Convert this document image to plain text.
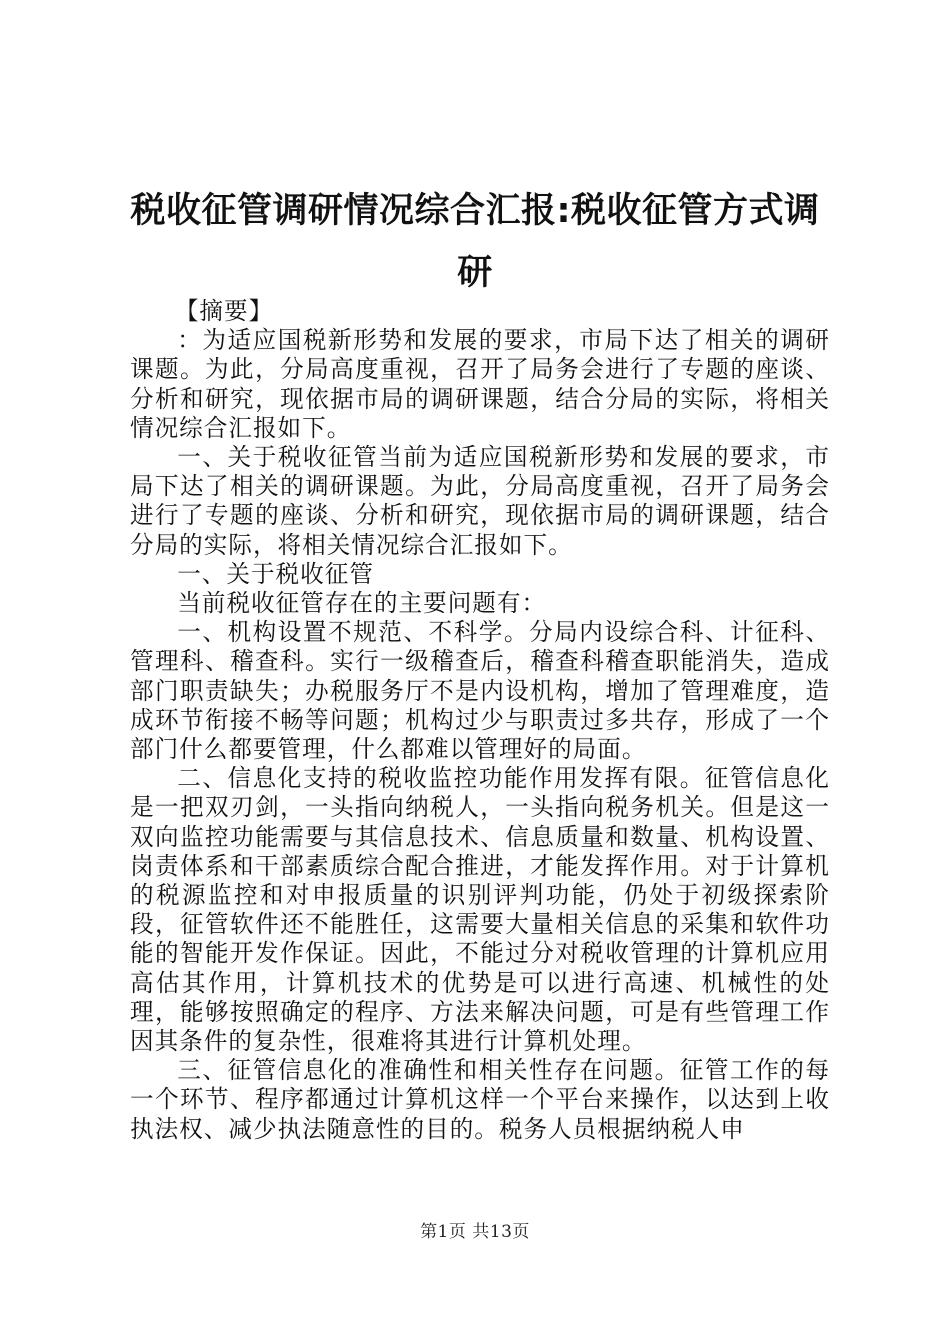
税收征管调研情况综合汇报:税收征管方式调研

【摘要】

：为适应国税新形势和发展的要求，市局下达了相关的调研课题。为此，分局高度重视，召开了局务会进行了专题的座谈、分析和研究，现依据市局的调研课题，结合分局的实际，将相关情况综合汇报如下。

一、关于税收征管当前为适应国税新形势和发展的要求，市局下达了相关的调研课题。为此，分局高度重视，召开了局务会进行了专题的座谈、分析和研究，现依据市局的调研课题，结合分局的实际，将相关情况综合汇报如下。

一、关于税收征管

当前税收征管存在的主要问题有：

一、机构设置不规范、不科学。分局内设综合科、计征科、管理科、稽查科。实行一级稽查后，稽查科稽查职能消失，造成部门职责缺失；办税服务厅不是内设机构，增加了管理难度，造成环节衔接不畅等问题；机构过少与职责过多共存，形成了一个部门什么都要管理，什么都难以管理好的局面。

二、信息化支持的税收监控功能作用发挥有限。征管信息化是一把双刃剑，一头指向纳税人，一头指向税务机关。但是这一双向监控功能需要与其信息技术、信息质量和数量、机构设置、岗责体系和干部素质综合配合推进，才能发挥作用。对于计算机的税源监控和对申报质量的识别评判功能，仍处于初级探索阶段，征管软件还不能胜任，这需要大量相关信息的采集和软件功能的智能开发作保证。因此，不能过分对税收管理的计算机应用高估其作用，计算机技术的优势是可以进行高速、机械性的处理，能够按照确定的程序、方法来解决问题，可是有些管理工作因其条件的复杂性，很难将其进行计算机处理。

三、征管信息化的准确性和相关性存在问题。征管工作的每一个环节、程序都通过计算机这样一个平台来操作，以达到上收执法权、减少执法随意性的目的。税务人员根据纳税人申

第1页 共13页
